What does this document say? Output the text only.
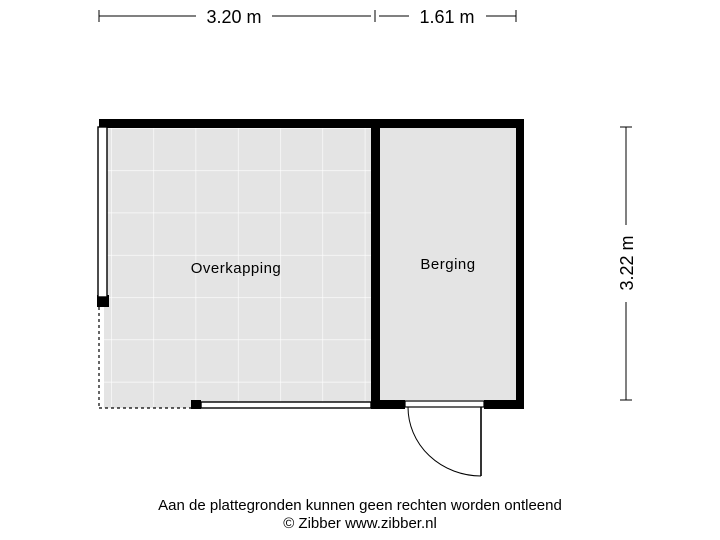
3.20 m	1.61 m
3.22 m
Overkapping	Berging
Aan de plattegronden kunnen geen rechten worden ontleend
© Zibber www.zibber.nl
